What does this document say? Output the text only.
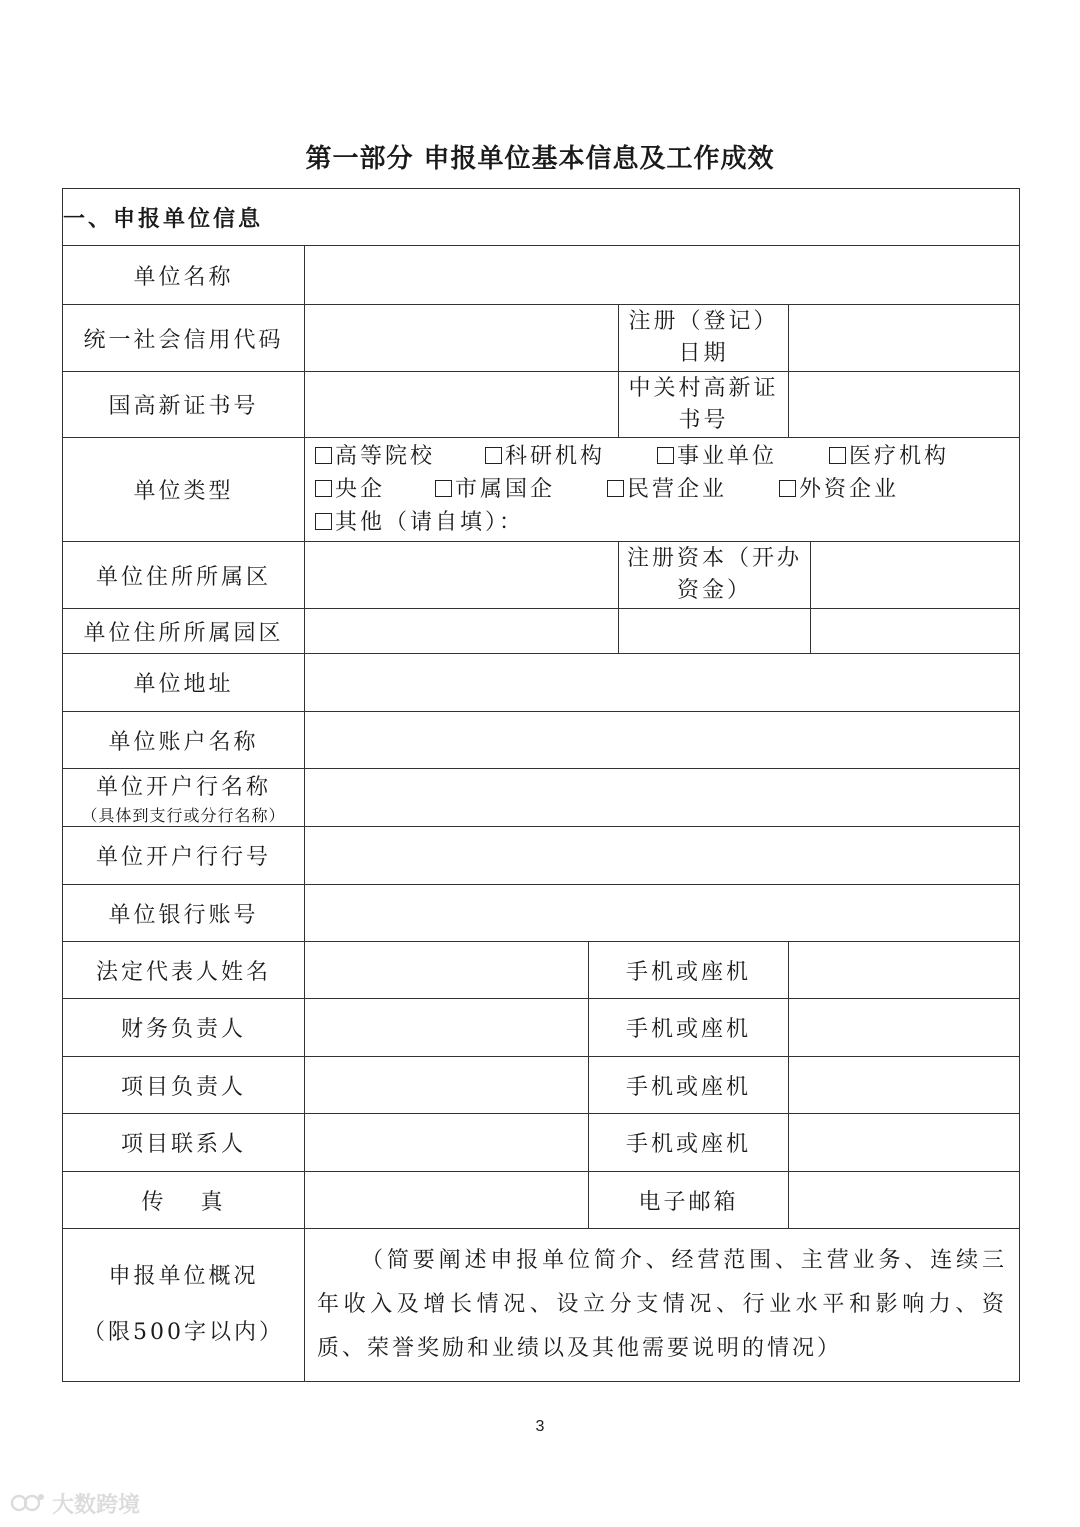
第一部分 申报单位基本信息及工作成效
一、申报单位信息					
单位名称					
统一社会信用代码			注册（登记）日期		
国高新证书号			中关村高新证书号		
单位类型	高等院校 科研机构 事业单位 医疗机构
央企 市属国企 民营企业 外资企业
其他（请自填）：				

单位住所所属区			注册资本（开办资金）		
单位住所所属园区					
单位地址					
单位账户名称					
单位开户行名称
（具体到支行或分行名称）					

单位开户行行号					
单位银行账号					
法定代表人姓名		手机或座机			
财务负责人		手机或座机			
项目负责人		手机或座机			
项目联系人		手机或座机			
传 真		电子邮箱			

申报单位概况
（限500字以内）	（简要阐述申报单位简介、经营范围、主营业务、连续三年收入及增长情况、设立分支情况、行业水平和影响力、资质、荣誉奖励和业绩以及其他需要说明的情况）				
3
大数跨境
